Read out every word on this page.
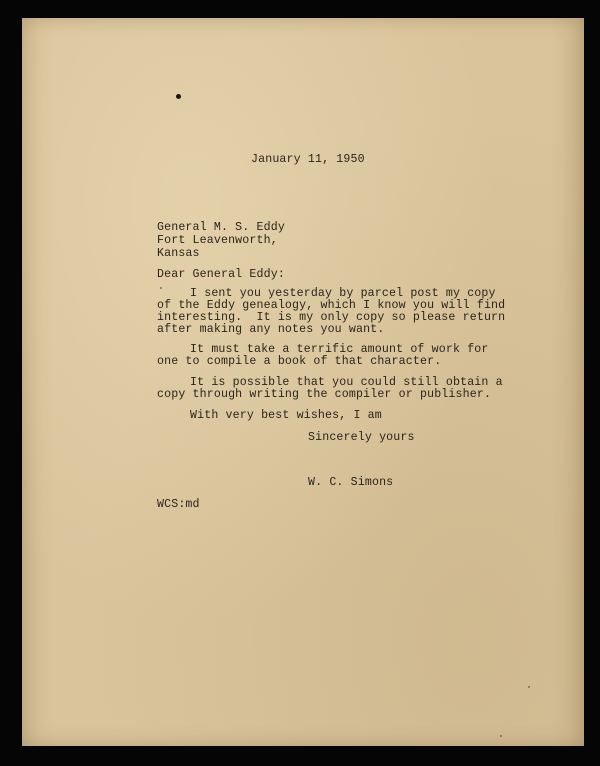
January 11, 1950
General M. S. Eddy
Fort Leavenworth,
Kansas
Dear General Eddy:
I sent you yesterday by parcel post my copy
of the Eddy genealogy, which I know you will find
interesting.  It is my only copy so please return
after making any notes you want.
It must take a terrific amount of work for
one to compile a book of that character.
It is possible that you could still obtain a
copy through writing the compiler or publisher.
With very best wishes, I am
Sincerely yours
W. C. Simons
WCS:md
